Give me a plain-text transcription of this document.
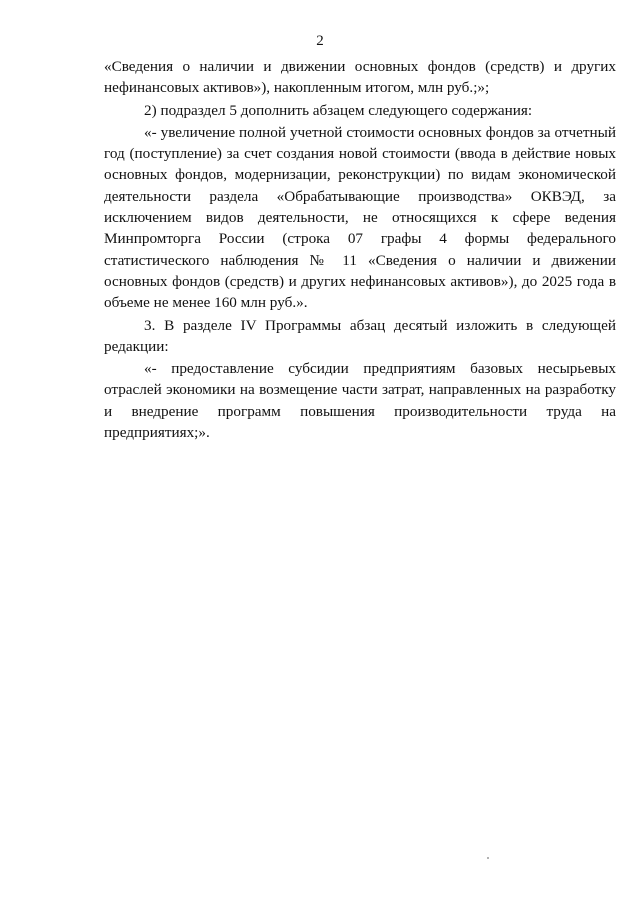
2

«Сведения о наличии и движении основных фондов (средств) и других нефинансовых активов»), накопленным итогом, млн руб.;»;

2) подраздел 5 дополнить абзацем следующего содержания:

«- увеличение полной учетной стоимости основных фондов за отчетный год (поступление) за счет создания новой стоимости (ввода в действие новых основных фондов, модернизации, реконструкции) по видам экономической деятельности раздела «Обрабатывающие производства» ОКВЭД, за исключением видов деятельности, не относящихся к сфере ведения Минпромторга России (строка 07 графы 4 формы федерального статистического наблюдения № 11 «Сведения о наличии и движении основных фондов (средств) и других нефинансовых активов»), до 2025 года в объеме не менее 160 млн руб.».

3. В разделе IV Программы абзац десятый изложить в следующей редакции:

«- предоставление субсидии предприятиям базовых несырьевых отраслей экономики на возмещение части затрат, направленных на разработку и внедрение программ повышения производительности труда на предприятиях;».
